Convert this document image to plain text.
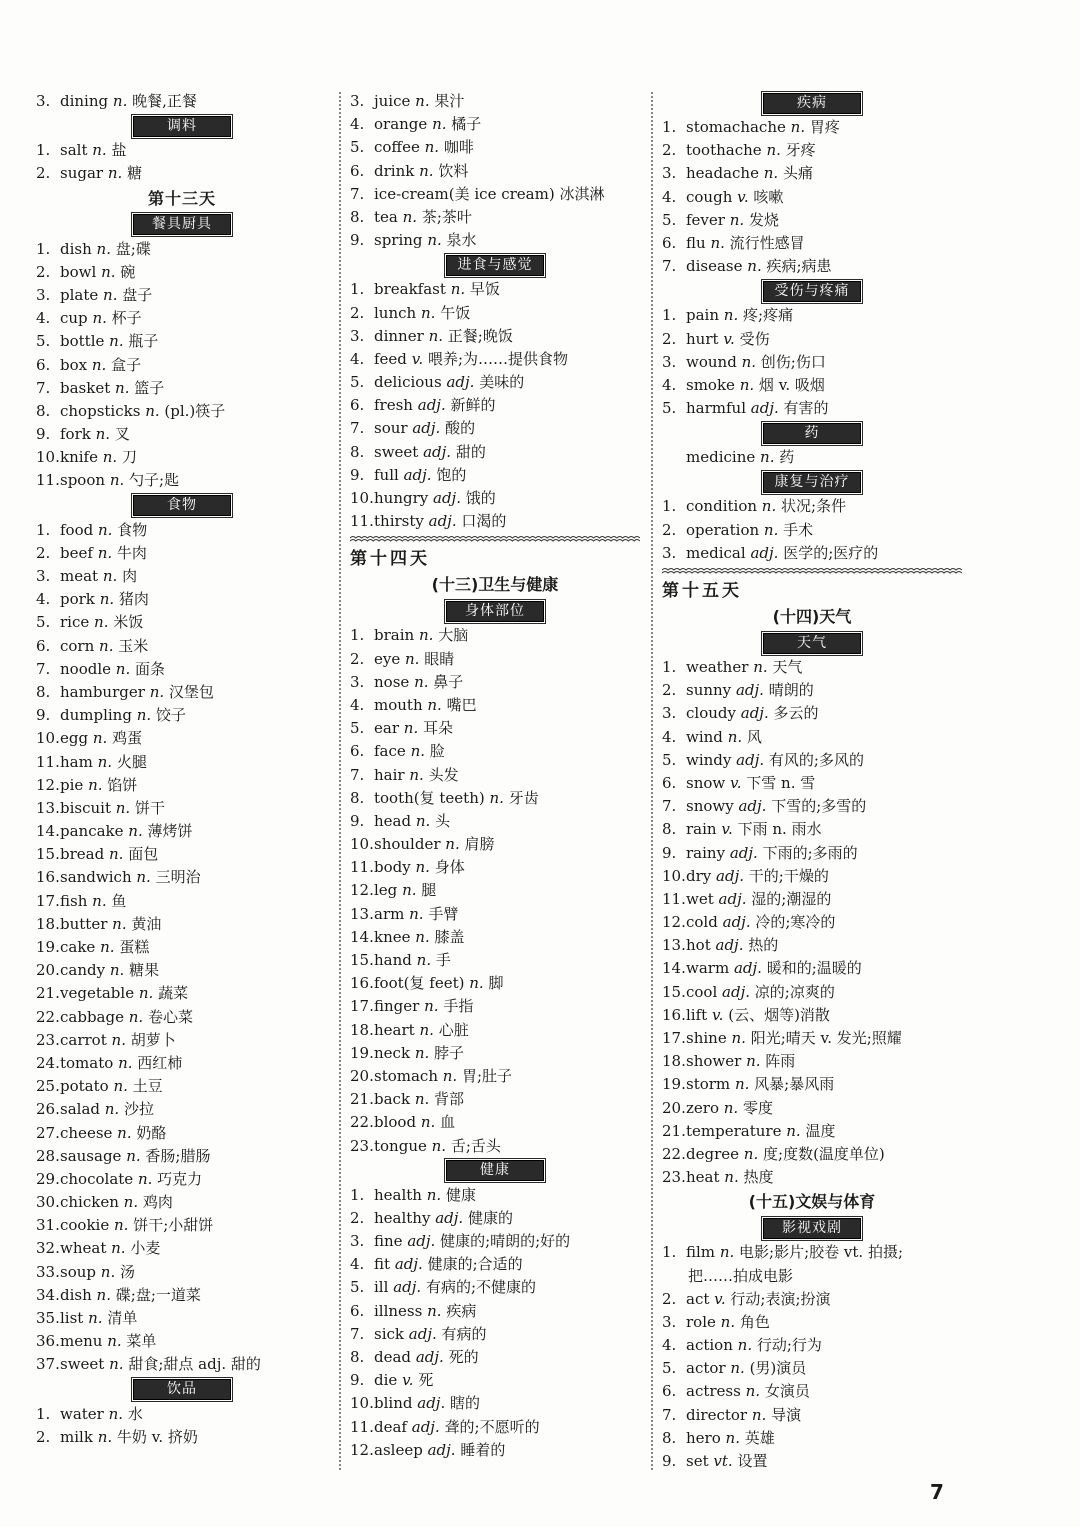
3. dining n. 晚餐,正餐
调料
1. salt n. 盐
2. sugar n. 糖
第十三天
餐具厨具
1. dish n. 盘;碟
2. bowl n. 碗
3. plate n. 盘子
4. cup n. 杯子
5. bottle n. 瓶子
6. box n. 盒子
7. basket n. 篮子
8. chopsticks n. (pl.)筷子
9. fork n. 叉
10.knife n. 刀
11.spoon n. 勺子;匙
食物
1. food n. 食物
2. beef n. 牛肉
3. meat n. 肉
4. pork n. 猪肉
5. rice n. 米饭
6. corn n. 玉米
7. noodle n. 面条
8. hamburger n. 汉堡包
9. dumpling n. 饺子
10.egg n. 鸡蛋
11.ham n. 火腿
12.pie n. 馅饼
13.biscuit n. 饼干
14.pancake n. 薄烤饼
15.bread n. 面包
16.sandwich n. 三明治
17.fish n. 鱼
18.butter n. 黄油
19.cake n. 蛋糕
20.candy n. 糖果
21.vegetable n. 蔬菜
22.cabbage n. 卷心菜
23.carrot n. 胡萝卜
24.tomato n. 西红柿
25.potato n. 土豆
26.salad n. 沙拉
27.cheese n. 奶酪
28.sausage n. 香肠;腊肠
29.chocolate n. 巧克力
30.chicken n. 鸡肉
31.cookie n. 饼干;小甜饼
32.wheat n. 小麦
33.soup n. 汤
34.dish n. 碟;盘;一道菜
35.list n. 清单
36.menu n. 菜单
37.sweet n. 甜食;甜点 adj. 甜的
饮品
1. water n. 水
2. milk n. 牛奶 v. 挤奶
3. juice n. 果汁
4. orange n. 橘子
5. coffee n. 咖啡
6. drink n. 饮料
7. ice-cream(美 ice cream) 冰淇淋
8. tea n. 茶;茶叶
9. spring n. 泉水
进食与感觉
1. breakfast n. 早饭
2. lunch n. 午饭
3. dinner n. 正餐;晚饭
4. feed v. 喂养;为……提供食物
5. delicious adj. 美味的
6. fresh adj. 新鲜的
7. sour adj. 酸的
8. sweet adj. 甜的
9. full adj. 饱的
10.hungry adj. 饿的
11.thirsty adj. 口渴的
第十四天
(十三)卫生与健康
身体部位
1. brain n. 大脑
2. eye n. 眼睛
3. nose n. 鼻子
4. mouth n. 嘴巴
5. ear n. 耳朵
6. face n. 脸
7. hair n. 头发
8. tooth(复 teeth) n. 牙齿
9. head n. 头
10.shoulder n. 肩膀
11.body n. 身体
12.leg n. 腿
13.arm n. 手臂
14.knee n. 膝盖
15.hand n. 手
16.foot(复 feet) n. 脚
17.finger n. 手指
18.heart n. 心脏
19.neck n. 脖子
20.stomach n. 胃;肚子
21.back n. 背部
22.blood n. 血
23.tongue n. 舌;舌头
健康
1. health n. 健康
2. healthy adj. 健康的
3. fine adj. 健康的;晴朗的;好的
4. fit adj. 健康的;合适的
5. ill adj. 有病的;不健康的
6. illness n. 疾病
7. sick adj. 有病的
8. dead adj. 死的
9. die v. 死
10.blind adj. 瞎的
11.deaf adj. 聋的;不愿听的
12.asleep adj. 睡着的
疾病
1. stomachache n. 胃疼
2. toothache n. 牙疼
3. headache n. 头痛
4. cough v. 咳嗽
5. fever n. 发烧
6. flu n. 流行性感冒
7. disease n. 疾病;病患
受伤与疼痛
1. pain n. 疼;疼痛
2. hurt v. 受伤
3. wound n. 创伤;伤口
4. smoke n. 烟 v. 吸烟
5. harmful adj. 有害的
药
medicine n. 药
康复与治疗
1. condition n. 状况;条件
2. operation n. 手术
3. medical adj. 医学的;医疗的
第十五天
(十四)天气
天气
1. weather n. 天气
2. sunny adj. 晴朗的
3. cloudy adj. 多云的
4. wind n. 风
5. windy adj. 有风的;多风的
6. snow v. 下雪 n. 雪
7. snowy adj. 下雪的;多雪的
8. rain v. 下雨 n. 雨水
9. rainy adj. 下雨的;多雨的
10.dry adj. 干的;干燥的
11.wet adj. 湿的;潮湿的
12.cold adj. 冷的;寒冷的
13.hot adj. 热的
14.warm adj. 暖和的;温暖的
15.cool adj. 凉的;凉爽的
16.lift v. (云、烟等)消散
17.shine n. 阳光;晴天 v. 发光;照耀
18.shower n. 阵雨
19.storm n. 风暴;暴风雨
20.zero n. 零度
21.temperature n. 温度
22.degree n. 度;度数(温度单位)
23.heat n. 热度
(十五)文娱与体育
影视戏剧
1. film n. 电影;影片;胶卷 vt. 拍摄;
把……拍成电影
2. act v. 行动;表演;扮演
3. role n. 角色
4. action n. 行动;行为
5. actor n. (男)演员
6. actress n. 女演员
7. director n. 导演
8. hero n. 英雄
9. set vt. 设置
7
